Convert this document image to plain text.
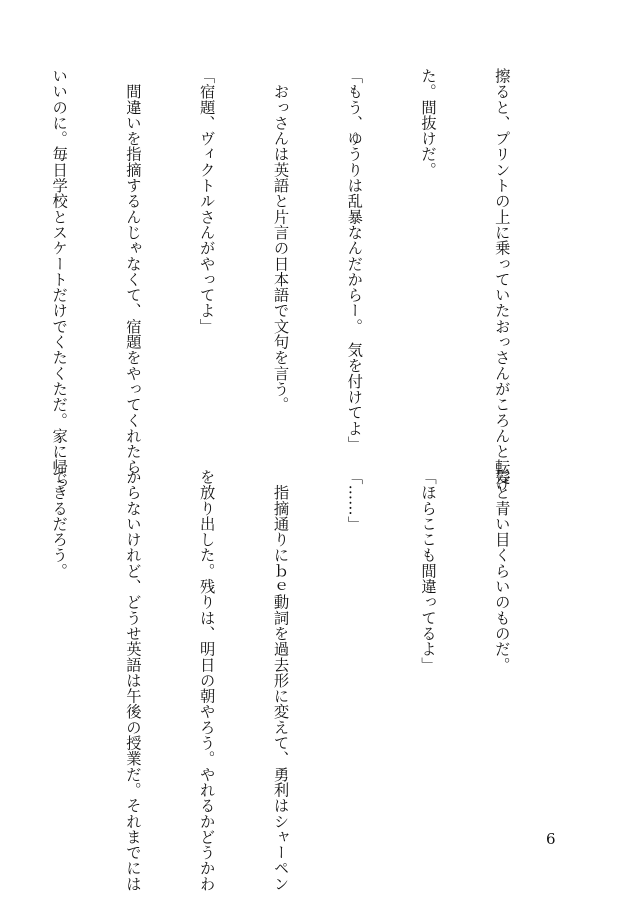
擦ると、プリントの上に乗っていたおっさんがころんと転げ

た。間抜けだ。

「もう、ゆうりは乱暴なんだからー。　気を付けてよ」

　おっさんは英語と片言の日本語で文句を言う。

「宿題、ヴィクトルさんがやってよ」

　間違いを指摘するんじゃなくて、宿題をやってくれたら

いいのに。毎日学校とスケートだけでくたくただ。家に帰っ

髪と青い目くらいのものだ。

「ほらここも間違ってるよ」

「……」

　指摘通りにｂｅ動詞を過去形に変えて、勇利はシャーペン

を放り出した。残りは、明日の朝やろう。やれるかどうかわ

からないけれど、どうせ英語は午後の授業だ。それまでには

できるだろう。

6
